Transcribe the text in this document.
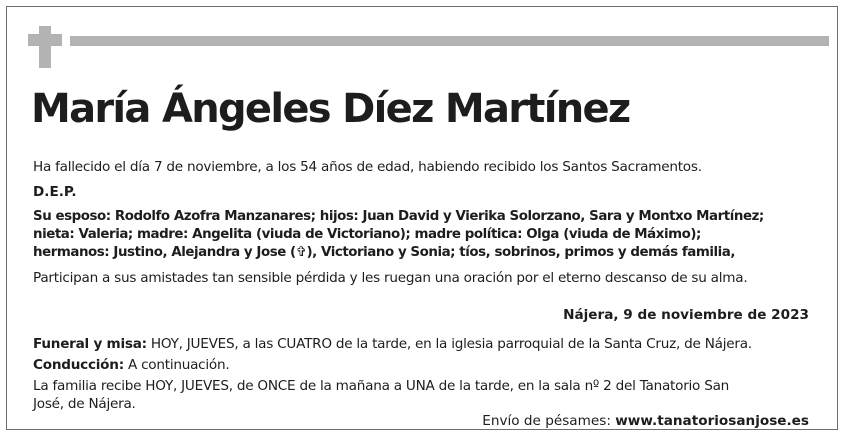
María Ángeles Díez Martínez

Ha fallecido el día 7 de noviembre, a los 54 años de edad, habiendo recibido los Santos Sacramentos.

D.E.P.

Su esposo: Rodolfo Azofra Manzanares; hijos: Juan David y Vierika Solorzano, Sara y Montxo Martínez;

nieta: Valeria; madre: Angelita (viuda de Victoriano); madre política: Olga (viuda de Máximo);

hermanos: Justino, Alejandra y Jose (✞), Victoriano y Sonia; tíos, sobrinos, primos y demás familia,

Participan a sus amistades tan sensible pérdida y les ruegan una oración por el eterno descanso de su alma.

Nájera, 9 de noviembre de 2023

Funeral y misa: HOY, JUEVES, a las CUATRO de la tarde, en la iglesia parroquial de la Santa Cruz, de Nájera.

Conducción: A continuación.

La familia recibe HOY, JUEVES, de ONCE de la mañana a UNA de la tarde, en la sala nº 2 del Tanatorio San

José, de Nájera.

Envío de pésames: www.tanatoriosanjose.es
